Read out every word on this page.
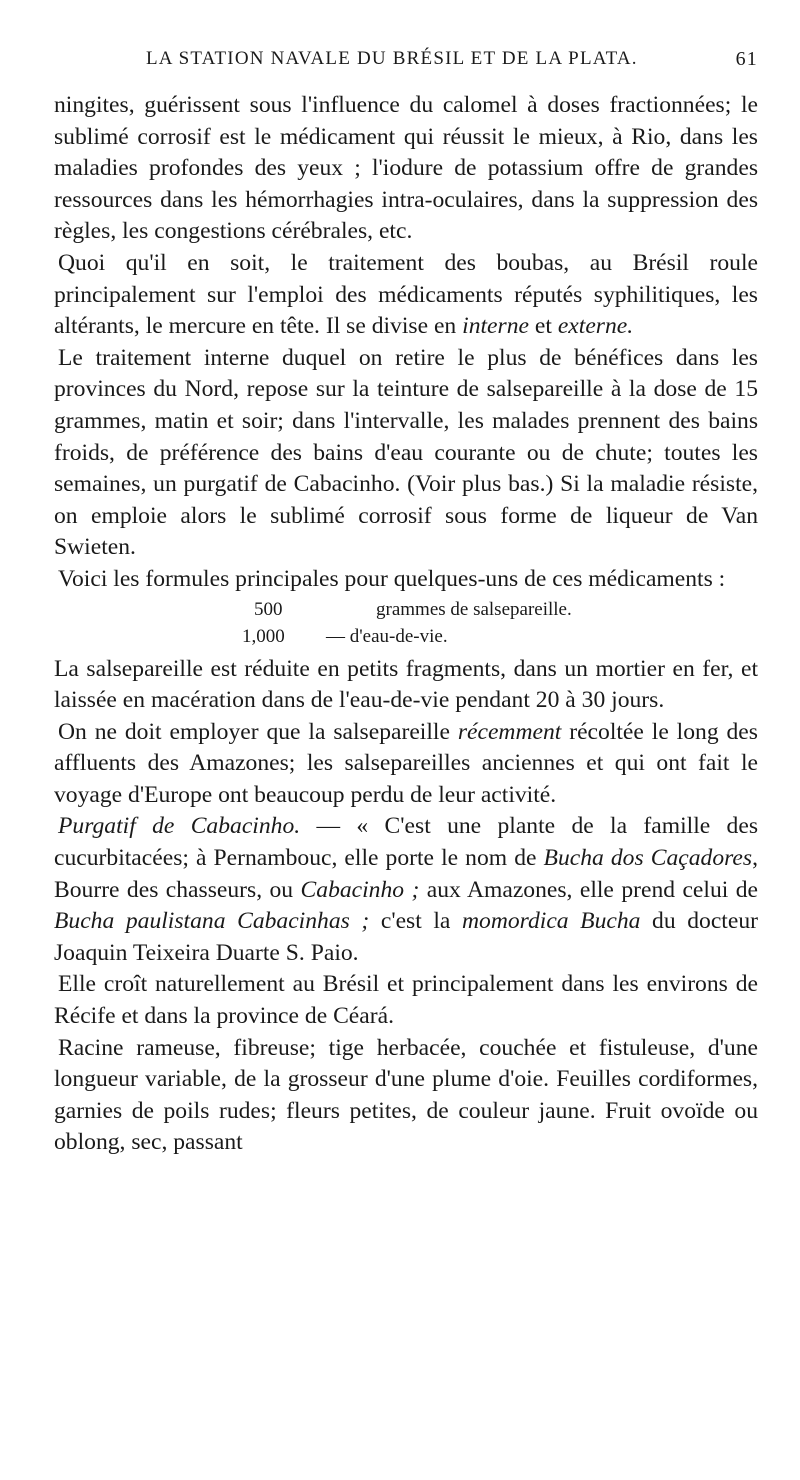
LA STATION NAVALE DU BRÉSIL ET DE LA PLATA.	61

ningites, guérissent sous l'influence du calomel à doses fractionnées; le sublimé corrosif est le médicament qui réussit le mieux, à Rio, dans les maladies profondes des yeux ; l'iodure de potassium offre de grandes ressources dans les hémorrhagies intra-oculaires, dans la suppression des règles, les congestions cérébrales, etc.

Quoi qu'il en soit, le traitement des boubas, au Brésil roule principalement sur l'emploi des médicaments réputés syphilitiques, les altérants, le mercure en tête. Il se divise en interne et externe.

Le traitement interne duquel on retire le plus de bénéfices dans les provinces du Nord, repose sur la teinture de salsepareille à la dose de 15 grammes, matin et soir; dans l'intervalle, les malades prennent des bains froids, de préférence des bains d'eau courante ou de chute; toutes les semaines, un purgatif de Cabacinho. (Voir plus bas.) Si la maladie résiste, on emploie alors le sublimé corrosif sous forme de liqueur de Van Swieten.

Voici les formules principales pour quelques-uns de ces médicaments :

500	grammes de salsepareille.
1,000	— d'eau-de-vie.

La salsepareille est réduite en petits fragments, dans un mortier en fer, et laissée en macération dans de l'eau-de-vie pendant 20 à 30 jours.

On ne doit employer que la salsepareille récemment récoltée le long des affluents des Amazones; les salsepareilles anciennes et qui ont fait le voyage d'Europe ont beaucoup perdu de leur activité.

Purgatif de Cabacinho. — « C'est une plante de la famille des cucurbitacées; à Pernambouc, elle porte le nom de Bucha dos Caçadores, Bourre des chasseurs, ou Cabacinho ; aux Amazones, elle prend celui de Bucha paulistana Cabacinhas ; c'est la momordica Bucha du docteur Joaquin Teixeira Duarte S. Paio.

Elle croît naturellement au Brésil et principalement dans les environs de Récife et dans la province de Céará.

Racine rameuse, fibreuse; tige herbacée, couchée et fistuleuse, d'une longueur variable, de la grosseur d'une plume d'oie. Feuilles cordiformes, garnies de poils rudes; fleurs petites, de couleur jaune. Fruit ovoïde ou oblong, sec, passant
